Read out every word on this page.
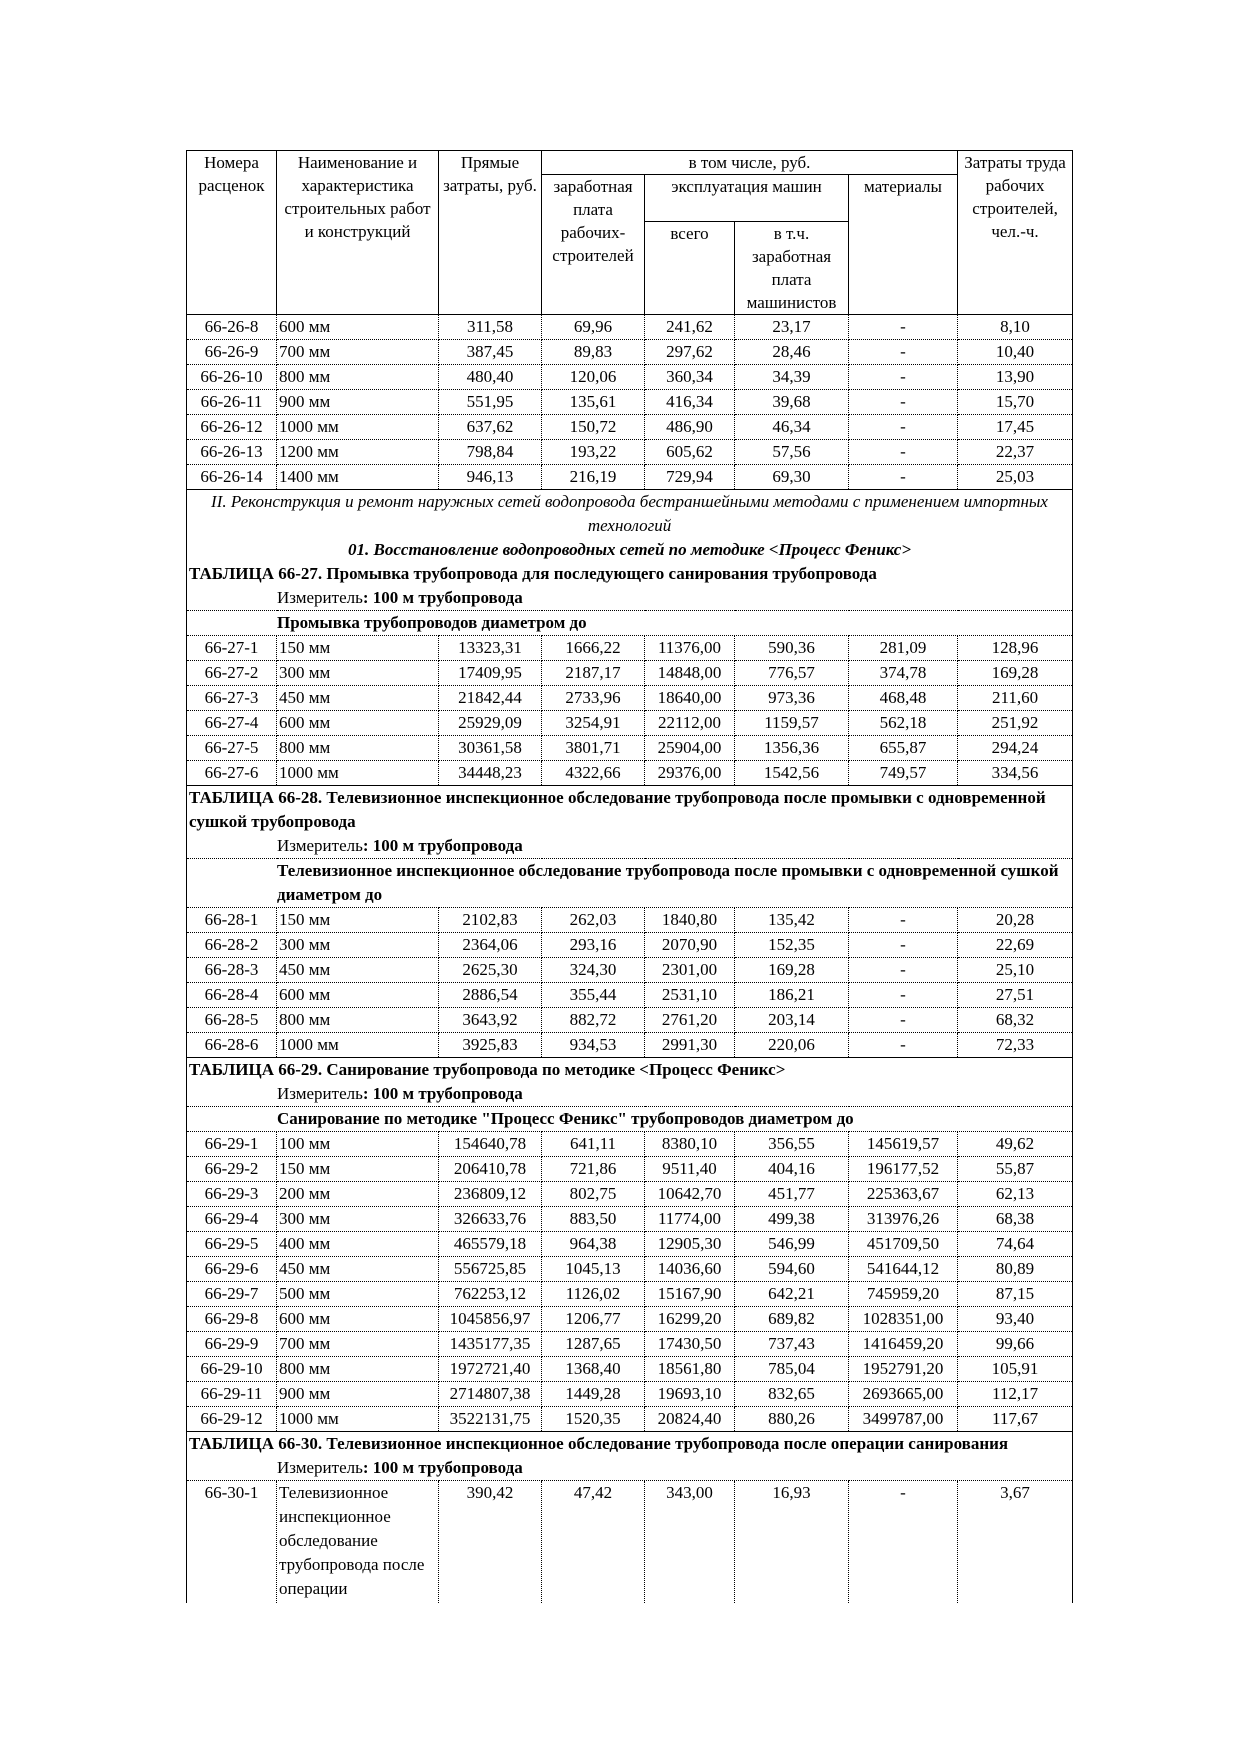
Номера расценок	Наименование и характеристика строительных работ и конструкций	Прямые затраты, руб.	в том числе, руб.				Затраты труда рабочих строителей, чел.-ч.
			заработная плата рабочих-строителей	эксплуатация машин		материалы	
				всего	в т.ч. заработная плата машинистов		
66-26-8	600 мм	311,58	69,96	241,62	23,17	-	8,10
66-26-9	700 мм	387,45	89,83	297,62	28,46	-	10,40
66-26-10	800 мм	480,40	120,06	360,34	34,39	-	13,90
66-26-11	900 мм	551,95	135,61	416,34	39,68	-	15,70
66-26-12	1000 мм	637,62	150,72	486,90	46,34	-	17,45
66-26-13	1200 мм	798,84	193,22	605,62	57,56	-	22,37
66-26-14	1400 мм	946,13	216,19	729,94	69,30	-	25,03
II. Реконструкция и ремонт наружных сетей водопровода бестраншейными методами с применением импортных технологий							
01. Восстановление водопроводных сетей по методике <Процесс Феникс>							
ТАБЛИЦА 66-27. Промывка трубопровода для последующего санирования трубопровода							
Измеритель: 100 м трубопровода							
Промывка трубопроводов диаметром до							
66-27-1	150 мм	13323,31	1666,22	11376,00	590,36	281,09	128,96
66-27-2	300 мм	17409,95	2187,17	14848,00	776,57	374,78	169,28
66-27-3	450 мм	21842,44	2733,96	18640,00	973,36	468,48	211,60
66-27-4	600 мм	25929,09	3254,91	22112,00	1159,57	562,18	251,92
66-27-5	800 мм	30361,58	3801,71	25904,00	1356,36	655,87	294,24
66-27-6	1000 мм	34448,23	4322,66	29376,00	1542,56	749,57	334,56
ТАБЛИЦА 66-28. Телевизионное инспекционное обследование трубопровода после промывки с одновременной сушкой трубопровода							
Измеритель: 100 м трубопровода							
Телевизионное инспекционное обследование трубопровода после промывки с одновременной сушкой диаметром до							
66-28-1	150 мм	2102,83	262,03	1840,80	135,42	-	20,28
66-28-2	300 мм	2364,06	293,16	2070,90	152,35	-	22,69
66-28-3	450 мм	2625,30	324,30	2301,00	169,28	-	25,10
66-28-4	600 мм	2886,54	355,44	2531,10	186,21	-	27,51
66-28-5	800 мм	3643,92	882,72	2761,20	203,14	-	68,32
66-28-6	1000 мм	3925,83	934,53	2991,30	220,06	-	72,33
ТАБЛИЦА 66-29. Санирование трубопровода по методике <Процесс Феникс>							
Измеритель: 100 м трубопровода							
Санирование по методике "Процесс Феникс" трубопроводов диаметром до							
66-29-1	100 мм	154640,78	641,11	8380,10	356,55	145619,57	49,62
66-29-2	150 мм	206410,78	721,86	9511,40	404,16	196177,52	55,87
66-29-3	200 мм	236809,12	802,75	10642,70	451,77	225363,67	62,13
66-29-4	300 мм	326633,76	883,50	11774,00	499,38	313976,26	68,38
66-29-5	400 мм	465579,18	964,38	12905,30	546,99	451709,50	74,64
66-29-6	450 мм	556725,85	1045,13	14036,60	594,60	541644,12	80,89
66-29-7	500 мм	762253,12	1126,02	15167,90	642,21	745959,20	87,15
66-29-8	600 мм	1045856,97	1206,77	16299,20	689,82	1028351,00	93,40
66-29-9	700 мм	1435177,35	1287,65	17430,50	737,43	1416459,20	99,66
66-29-10	800 мм	1972721,40	1368,40	18561,80	785,04	1952791,20	105,91
66-29-11	900 мм	2714807,38	1449,28	19693,10	832,65	2693665,00	112,17
66-29-12	1000 мм	3522131,75	1520,35	20824,40	880,26	3499787,00	117,67
ТАБЛИЦА 66-30. Телевизионное инспекционное обследование трубопровода после операции санирования							
Измеритель: 100 м трубопровода							
66-30-1	Телевизионное инспекционное обследование трубопровода после операции	390,42	47,42	343,00	16,93	-	3,67
